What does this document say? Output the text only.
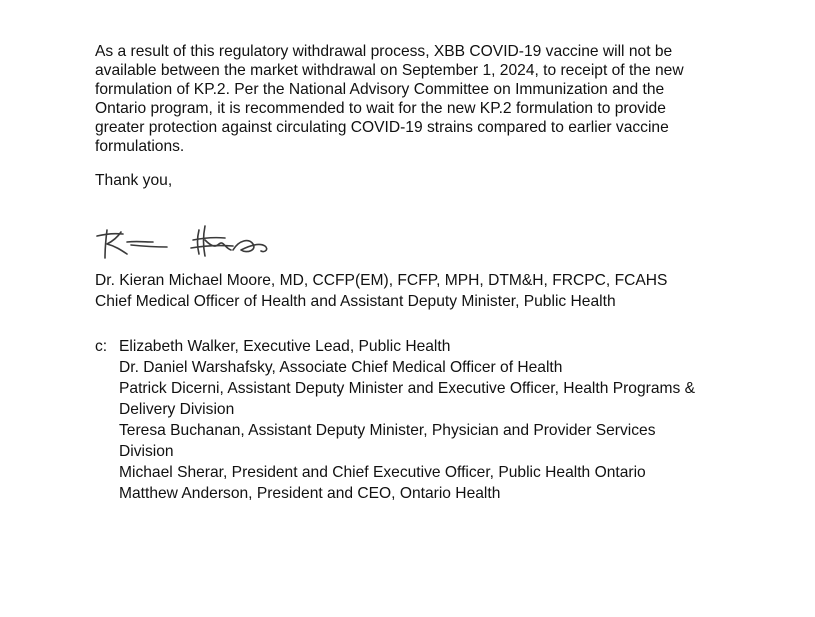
As a result of this regulatory withdrawal process, XBB COVID-19 vaccine will not be
available between the market withdrawal on September 1, 2024, to receipt of the new
formulation of KP.2. Per the National Advisory Committee on Immunization and the
Ontario program, it is recommended to wait for the new KP.2 formulation to provide
greater protection against circulating COVID-19 strains compared to earlier vaccine
formulations.
Thank you,
Dr. Kieran Michael Moore, MD, CCFP(EM), FCFP, MPH, DTM&H, FRCPC, FCAHS
Chief Medical Officer of Health and Assistant Deputy Minister, Public Health
c: Elizabeth Walker, Executive Lead, Public Health
Dr. Daniel Warshafsky, Associate Chief Medical Officer of Health
Patrick Dicerni, Assistant Deputy Minister and Executive Officer, Health Programs &
Delivery Division
Teresa Buchanan, Assistant Deputy Minister, Physician and Provider Services
Division
Michael Sherar, President and Chief Executive Officer, Public Health Ontario
Matthew Anderson, President and CEO, Ontario Health
